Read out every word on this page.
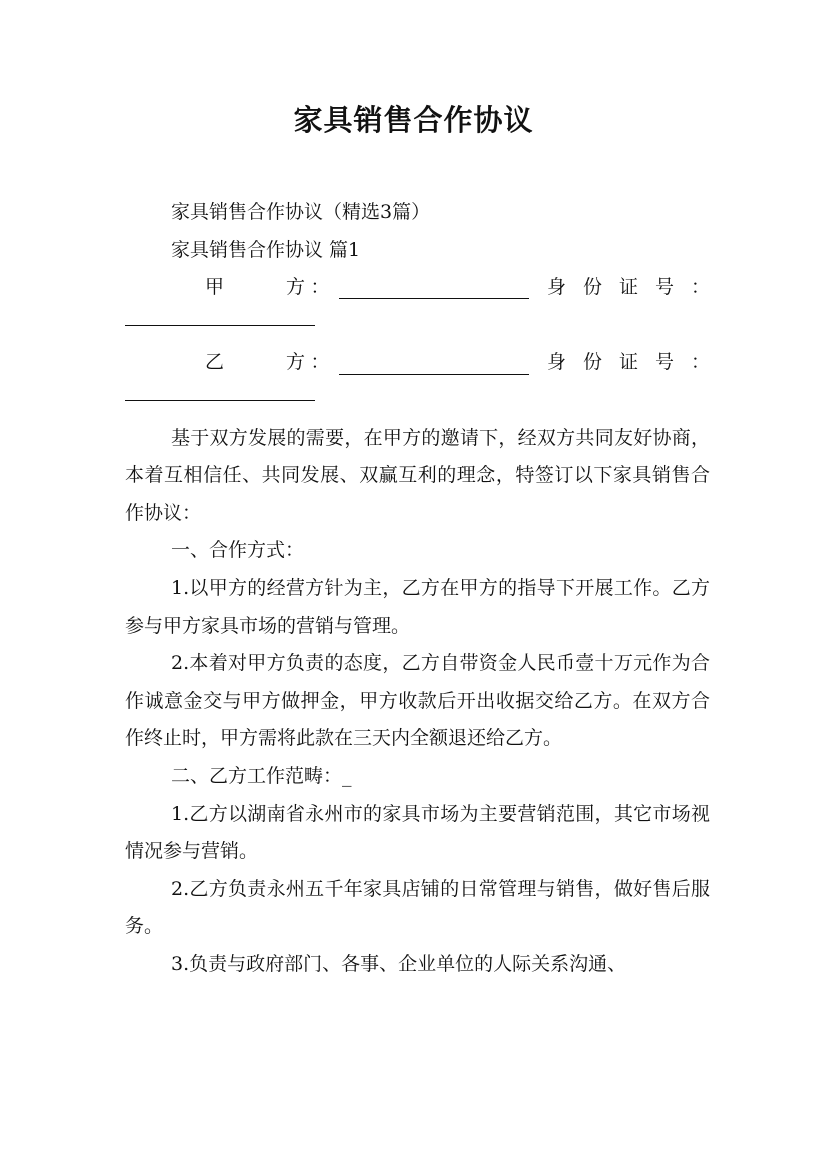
家具销售合作协议

家具销售合作协议（精选3篇）

家具销售合作协议 篇1

甲	方 ：	身 份 证 号 ：
乙	方 ：	身 份 证 号 ：

基于双方发展的需要，在甲方的邀请下，经双方共同友好协商，本着互相信任、共同发展、双赢互利的理念，特签订以下家具销售合作协议：

一、合作方式：

1.以甲方的经营方针为主，乙方在甲方的指导下开展工作。乙方参与甲方家具市场的营销与管理。

2.本着对甲方负责的态度，乙方自带资金人民币壹十万元作为合作诚意金交与甲方做押金，甲方收款后开出收据交给乙方。在双方合作终止时，甲方需将此款在三天内全额退还给乙方。

二、乙方工作范畴：_

1.乙方以湖南省永州市的家具市场为主要营销范围，其它市场视情况参与营销。

2.乙方负责永州五千年家具店铺的日常管理与销售，做好售后服务。

3.负责与政府部门、各事、企业单位的人际关系沟通、
